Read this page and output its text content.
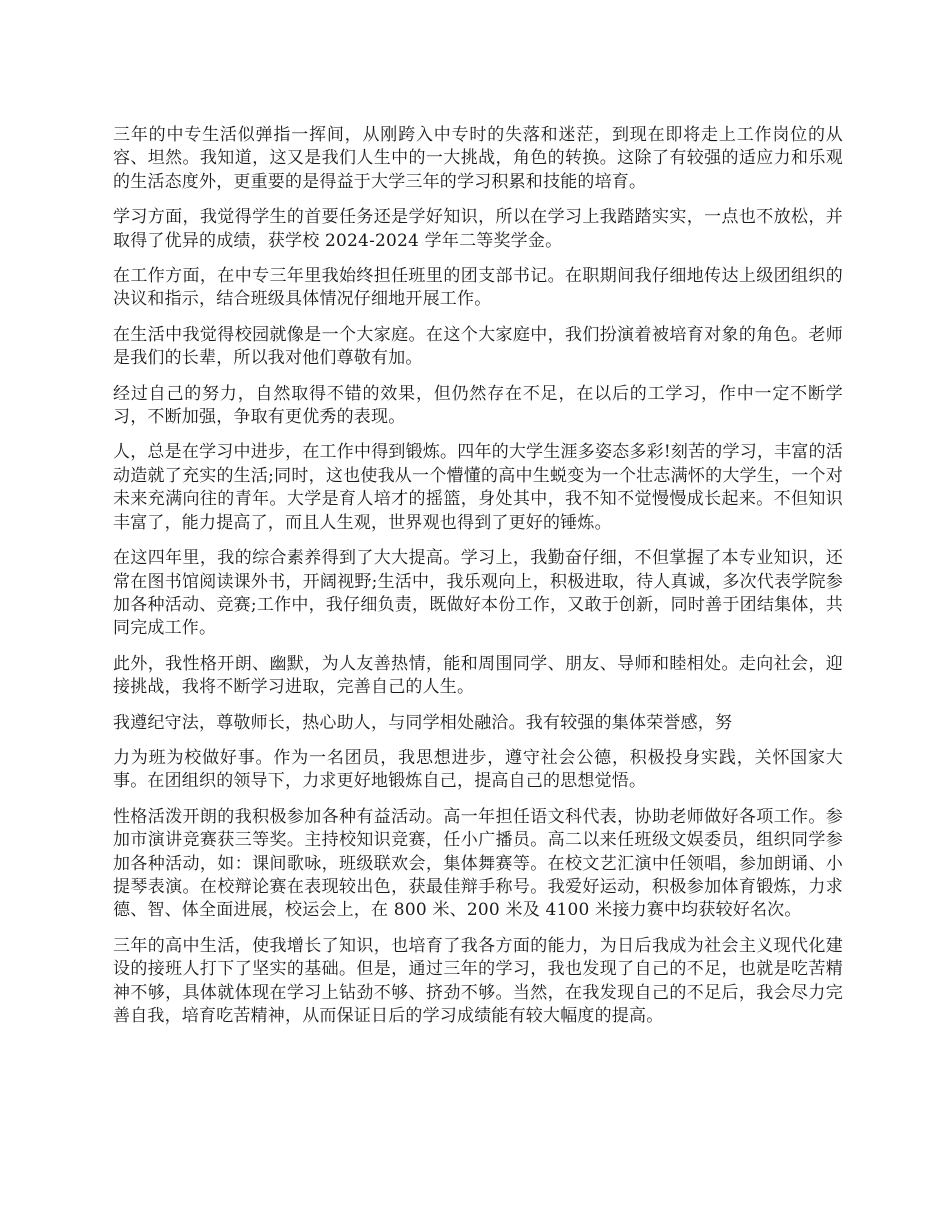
三年的中专生活似弹指一挥间，从刚跨入中专时的失落和迷茫，到现在即将走上工作岗位的从容、坦然。我知道，这又是我们人生中的一大挑战，角色的转换。这除了有较强的适应力和乐观的生活态度外，更重要的是得益于大学三年的学习积累和技能的培育。

学习方面，我觉得学生的首要任务还是学好知识，所以在学习上我踏踏实实，一点也不放松，并取得了优异的成绩，获学校 2024-2024 学年二等奖学金。

在工作方面，在中专三年里我始终担任班里的团支部书记。在职期间我仔细地传达上级团组织的决议和指示，结合班级具体情况仔细地开展工作。

在生活中我觉得校园就像是一个大家庭。在这个大家庭中，我们扮演着被培育对象的角色。老师是我们的长辈，所以我对他们尊敬有加。

经过自己的努力，自然取得不错的效果，但仍然存在不足，在以后的工学习，作中一定不断学习，不断加强，争取有更优秀的表现。

人，总是在学习中进步，在工作中得到锻炼。四年的大学生涯多姿态多彩!刻苦的学习，丰富的活动造就了充实的生活;同时，这也使我从一个懵懂的高中生蜕变为一个壮志满怀的大学生，一个对未来充满向往的青年。大学是育人培才的摇篮，身处其中，我不知不觉慢慢成长起来。不但知识丰富了，能力提高了，而且人生观，世界观也得到了更好的锤炼。

在这四年里，我的综合素养得到了大大提高。学习上，我勤奋仔细，不但掌握了本专业知识，还常在图书馆阅读课外书，开阔视野;生活中，我乐观向上，积极进取，待人真诚，多次代表学院参加各种活动、竞赛;工作中，我仔细负责，既做好本份工作，又敢于创新，同时善于团结集体，共同完成工作。

此外，我性格开朗、幽默，为人友善热情，能和周围同学、朋友、导师和睦相处。走向社会，迎接挑战，我将不断学习进取，完善自己的人生。

我遵纪守法，尊敬师长，热心助人，与同学相处融洽。我有较强的集体荣誉感，努

力为班为校做好事。作为一名团员，我思想进步，遵守社会公德，积极投身实践，关怀国家大事。在团组织的领导下，力求更好地锻炼自己，提高自己的思想觉悟。

性格活泼开朗的我积极参加各种有益活动。高一年担任语文科代表，协助老师做好各项工作。参加市演讲竞赛获三等奖。主持校知识竞赛，任小广播员。高二以来任班级文娱委员，组织同学参加各种活动，如：课间歌咏，班级联欢会，集体舞赛等。在校文艺汇演中任领唱，参加朗诵、小提琴表演。在校辩论赛在表现较出色，获最佳辩手称号。我爱好运动，积极参加体育锻炼，力求德、智、体全面进展，校运会上，在 800 米、200 米及 4100 米接力赛中均获较好名次。

三年的高中生活，使我增长了知识，也培育了我各方面的能力，为日后我成为社会主义现代化建设的接班人打下了坚实的基础。但是，通过三年的学习，我也发现了自己的不足，也就是吃苦精神不够，具体就体现在学习上钻劲不够、挤劲不够。当然，在我发现自己的不足后，我会尽力完善自我，培育吃苦精神，从而保证日后的学习成绩能有较大幅度的提高。
